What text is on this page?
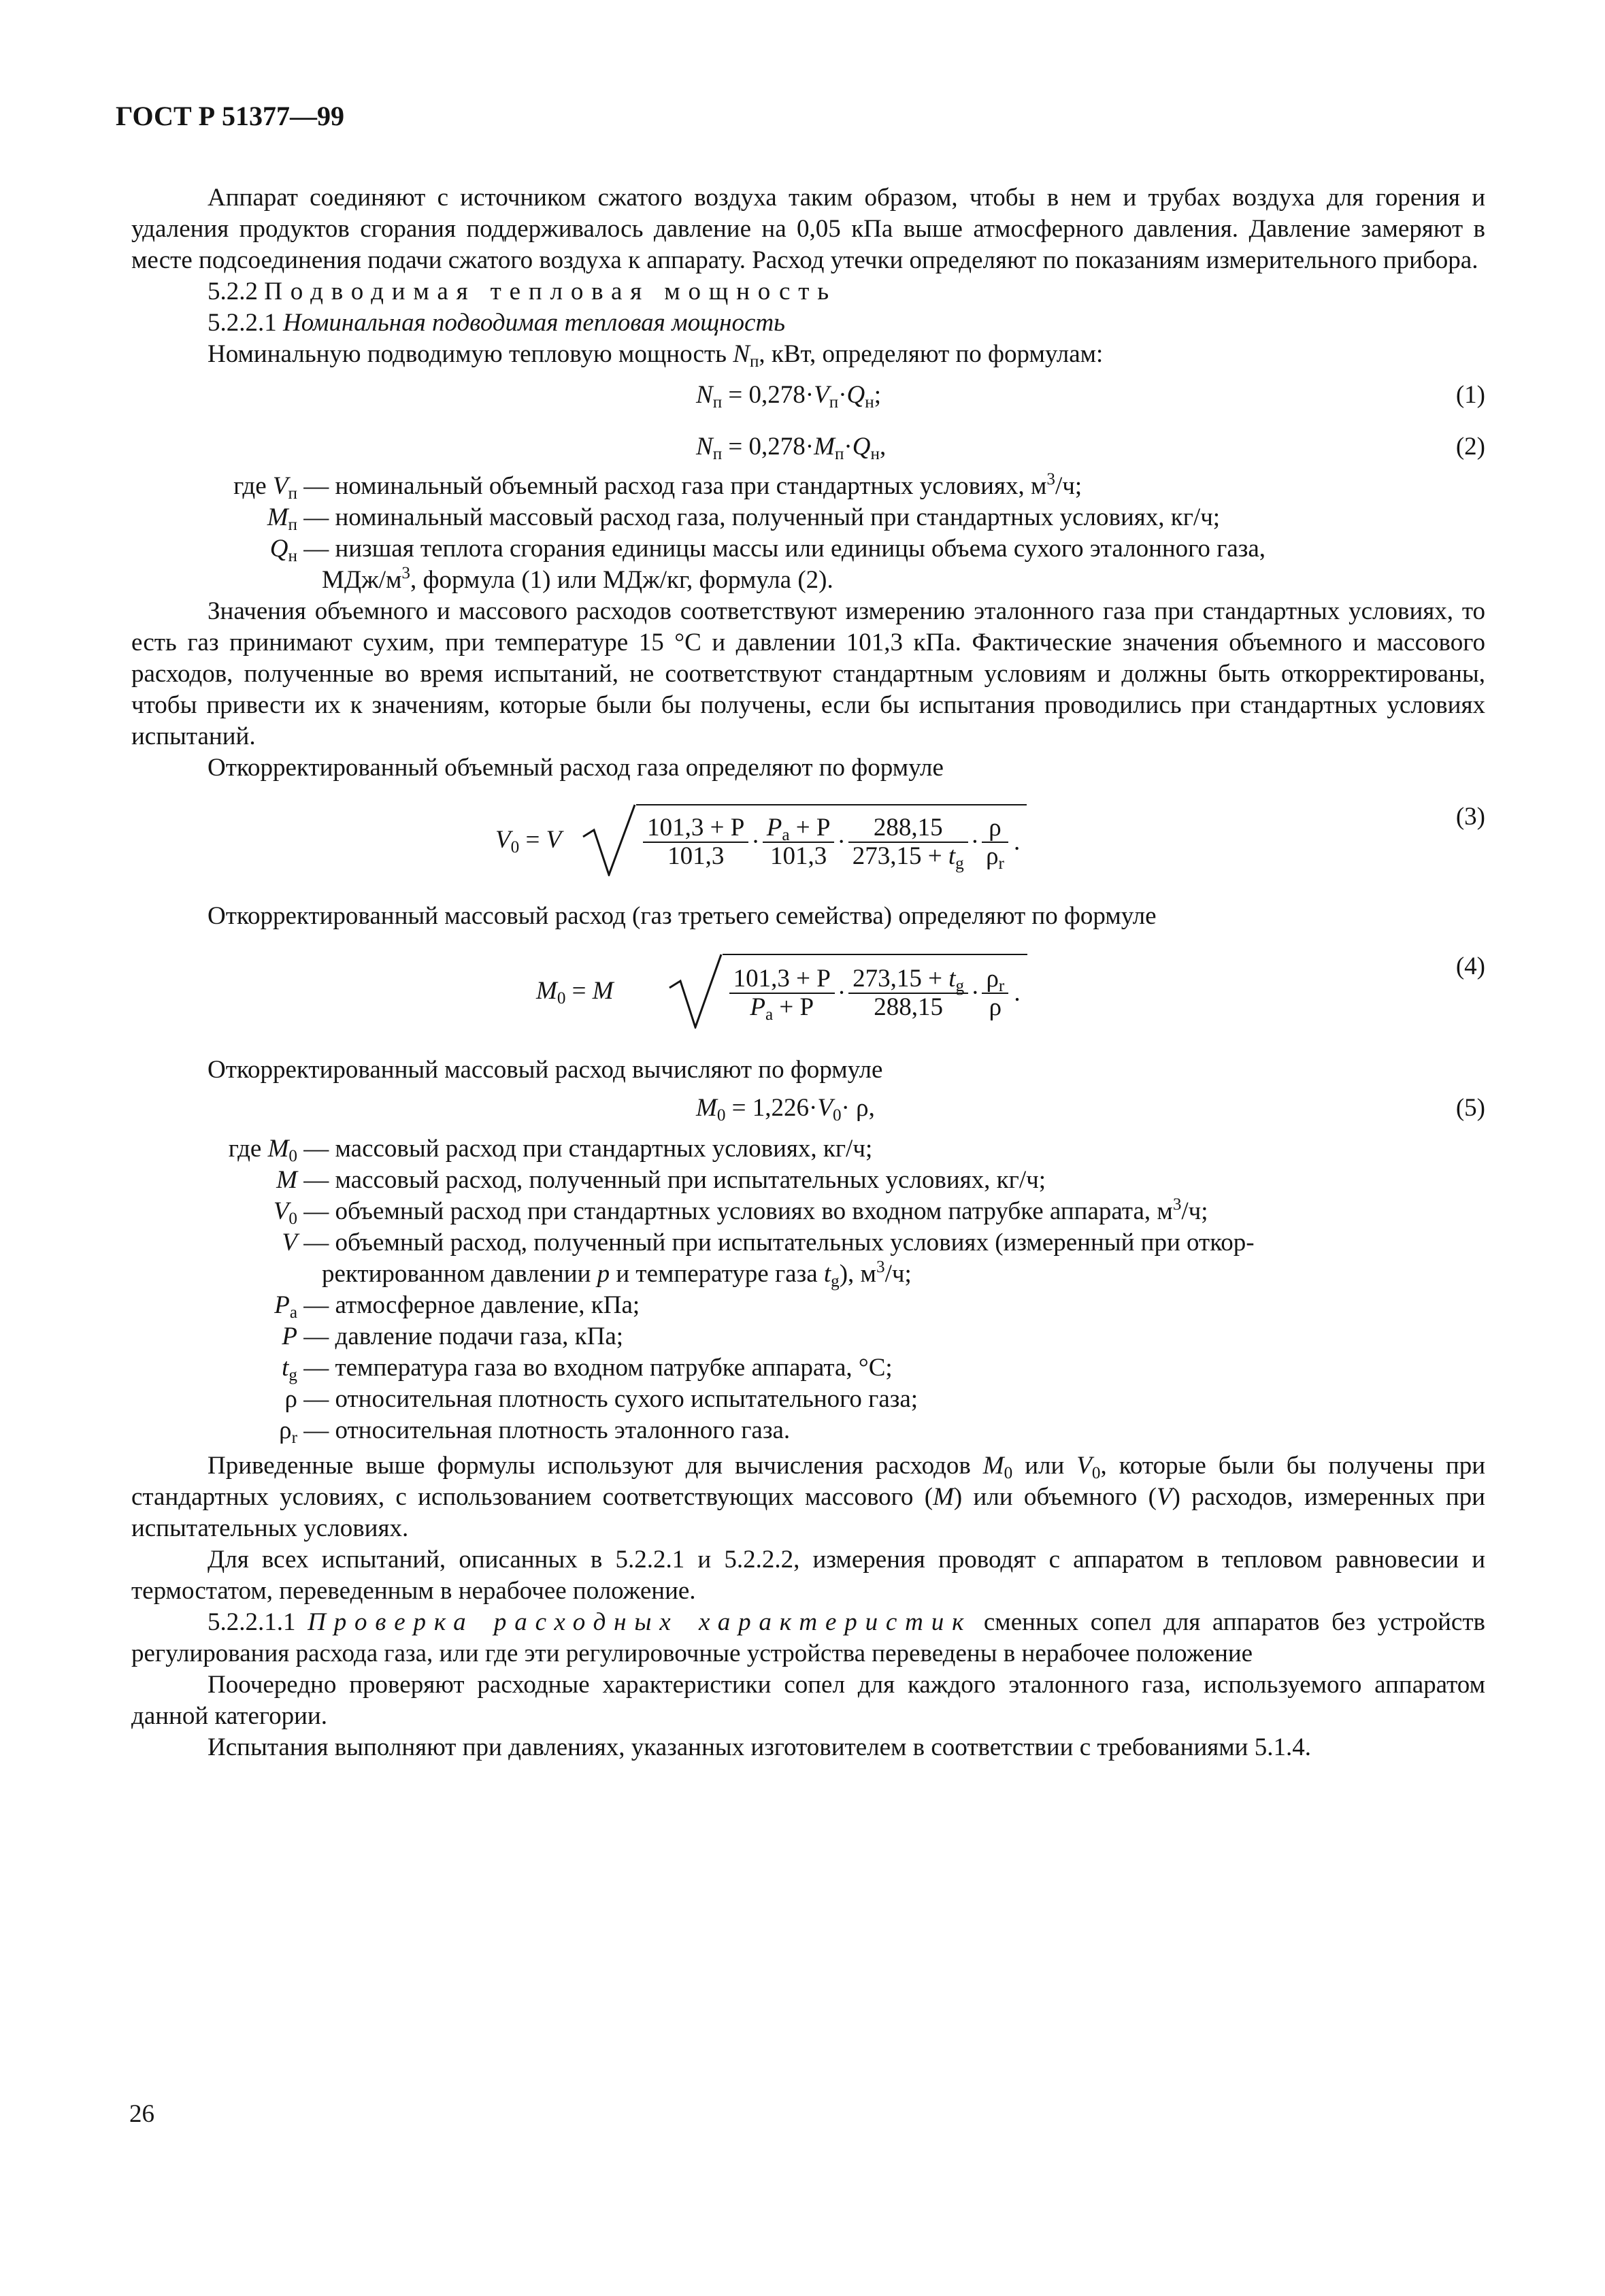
ГОСТ Р 51377—99

Аппарат соединяют с источником сжатого воздуха таким образом, чтобы в нем и трубах воздуха для горения и удаления продуктов сгорания поддерживалось давление на 0,05 кПа выше атмосферного давления. Давление замеряют в месте подсоединения подачи сжатого воздуха к аппарату. Расход утечки определяют по показаниям измерительного прибора.

5.2.2 Подводимая тепловая мощность

5.2.2.1 Номинальная подводимая тепловая мощность

Номинальную подводимую тепловую мощность $N_п$, кВт, определяют по формулам:

$N_п = 0,278\cdot V_п\cdot Q_н$;	(1)
$N_п = 0,278\cdot M_п\cdot Q_н$,	(2)
где $V_п$ — номинальный объемный расход газа при стандартных условиях, $м^3/ч$;
$M_п$ — номинальный массовый расход газа, полученный при стандартных условиях, кг/ч;
$Q_н$ — низшая теплота сгорания единицы массы или единицы объема сухого эталонного газа,
МДж/$м^3$, формула (1) или МДж/кг, формула (2).

Значения объемного и массового расходов соответствуют измерению эталонного газа при стандартных условиях, то есть газ принимают сухим, при температуре 15 °С и давлении 101,3 кПа. Фактические значения объемного и массового расходов, полученные во время испытаний, не соответствуют стандартным условиям и должны быть откорректированы, чтобы привести их к значениям, которые были бы получены, если бы испытания проводились при стандартных условиях испытаний.

Откорректированный объемный расход газа определяют по формуле

$V_0 = V$	$\frac{101,3 + P}{101,3} \cdot \frac{P_a + P}{101,3} \cdot \frac{288,15}{273,15 + t_g} \cdot \frac{\rho}{\rho_r}$ .
(3)

Откорректированный массовый расход (газ третьего семейства) определяют по формуле

$M_0 = M$	$\frac{101,3 + P}{P_a + P} \cdot \frac{273,15 + t_g}{288,15} \cdot \frac{\rho_r}{\rho}$ .
(4)

Откорректированный массовый расход вычисляют по формуле

$M_0 = 1,226\cdot V_0\cdot \rho$,	(5)
где $M_0$ — массовый расход при стандартных условиях, кг/ч;
M — массовый расход, полученный при испытательных условиях, кг/ч;
$V_0$ — объемный расход при стандартных условиях во входном патрубке аппарата, $м^3/ч$;
V — объемный расход, полученный при испытательных условиях (измеренный при откор-
ректированном давлении p и температуре газа $t_g$), $м^3/ч$;
$P_a$ — атмосферное давление, кПа;
P — давление подачи газа, кПа;
$t_g$ — температура газа во входном патрубке аппарата, °С;
ρ — относительная плотность сухого испытательного газа;
$\rho_r$ — относительная плотность эталонного газа.

Приведенные выше формулы используют для вычисления расходов $M_0$ или $V_0$, которые были бы получены при стандартных условиях, с использованием соответствующих массового (M) или объемного (V) расходов, измеренных при испытательных условиях.

Для всех испытаний, описанных в 5.2.2.1 и 5.2.2.2, измерения проводят с аппаратом в тепловом равновесии и термостатом, переведенным в нерабочее положение.

5.2.2.1.1 Проверка расходных характеристик сменных сопел для аппаратов без устройств регулирования расхода газа, или где эти регулировочные устройства переведены в нерабочее положение

Поочередно проверяют расходные характеристики сопел для каждого эталонного газа, используемого аппаратом данной категории.

Испытания выполняют при давлениях, указанных изготовителем в соответствии с требованиями 5.1.4.

26
